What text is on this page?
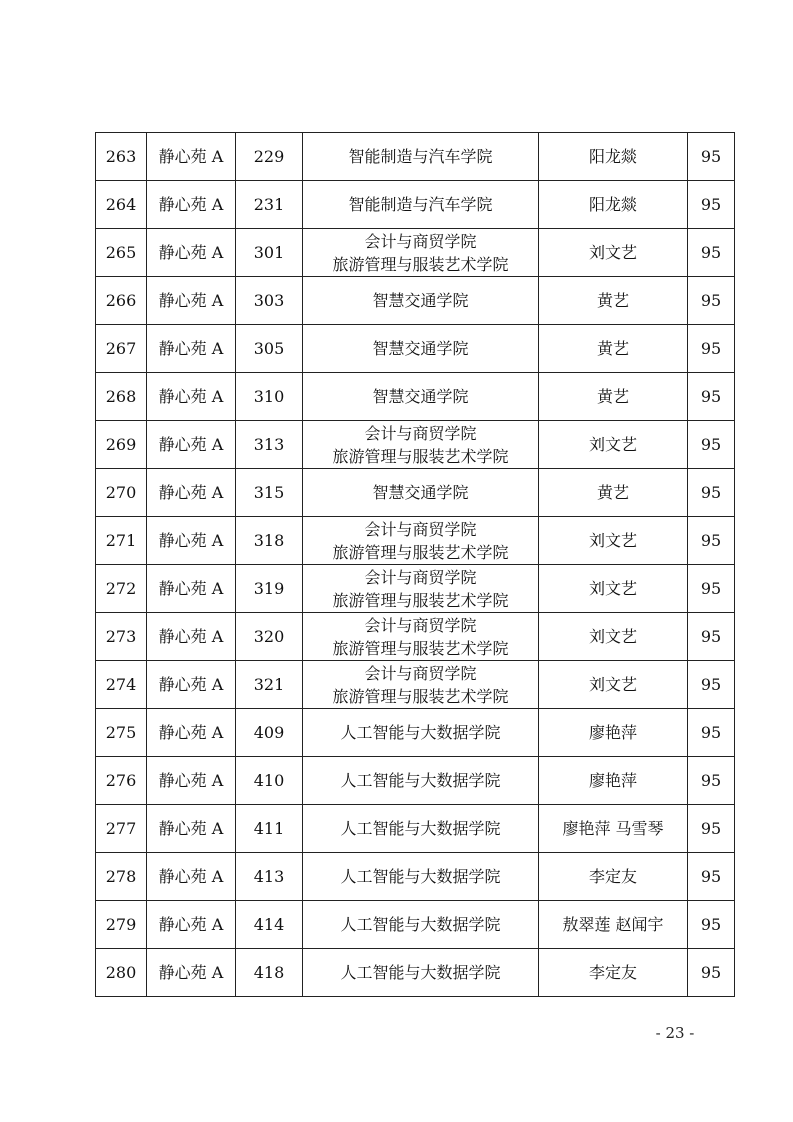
263	静心苑 A	229	智能制造与汽车学院	阳龙燚	95
264	静心苑 A	231	智能制造与汽车学院	阳龙燚	95
265	静心苑 A	301	会计与商贸学院
旅游管理与服装艺术学院	刘文艺	95
266	静心苑 A	303	智慧交通学院	黄艺	95
267	静心苑 A	305	智慧交通学院	黄艺	95
268	静心苑 A	310	智慧交通学院	黄艺	95
269	静心苑 A	313	会计与商贸学院
旅游管理与服装艺术学院	刘文艺	95
270	静心苑 A	315	智慧交通学院	黄艺	95
271	静心苑 A	318	会计与商贸学院
旅游管理与服装艺术学院	刘文艺	95
272	静心苑 A	319	会计与商贸学院
旅游管理与服装艺术学院	刘文艺	95
273	静心苑 A	320	会计与商贸学院
旅游管理与服装艺术学院	刘文艺	95
274	静心苑 A	321	会计与商贸学院
旅游管理与服装艺术学院	刘文艺	95
275	静心苑 A	409	人工智能与大数据学院	廖艳萍	95
276	静心苑 A	410	人工智能与大数据学院	廖艳萍	95
277	静心苑 A	411	人工智能与大数据学院	廖艳萍 马雪琴	95
278	静心苑 A	413	人工智能与大数据学院	李定友	95
279	静心苑 A	414	人工智能与大数据学院	敖翠莲 赵闻宇	95
280	静心苑 A	418	人工智能与大数据学院	李定友	95
- 23 -
